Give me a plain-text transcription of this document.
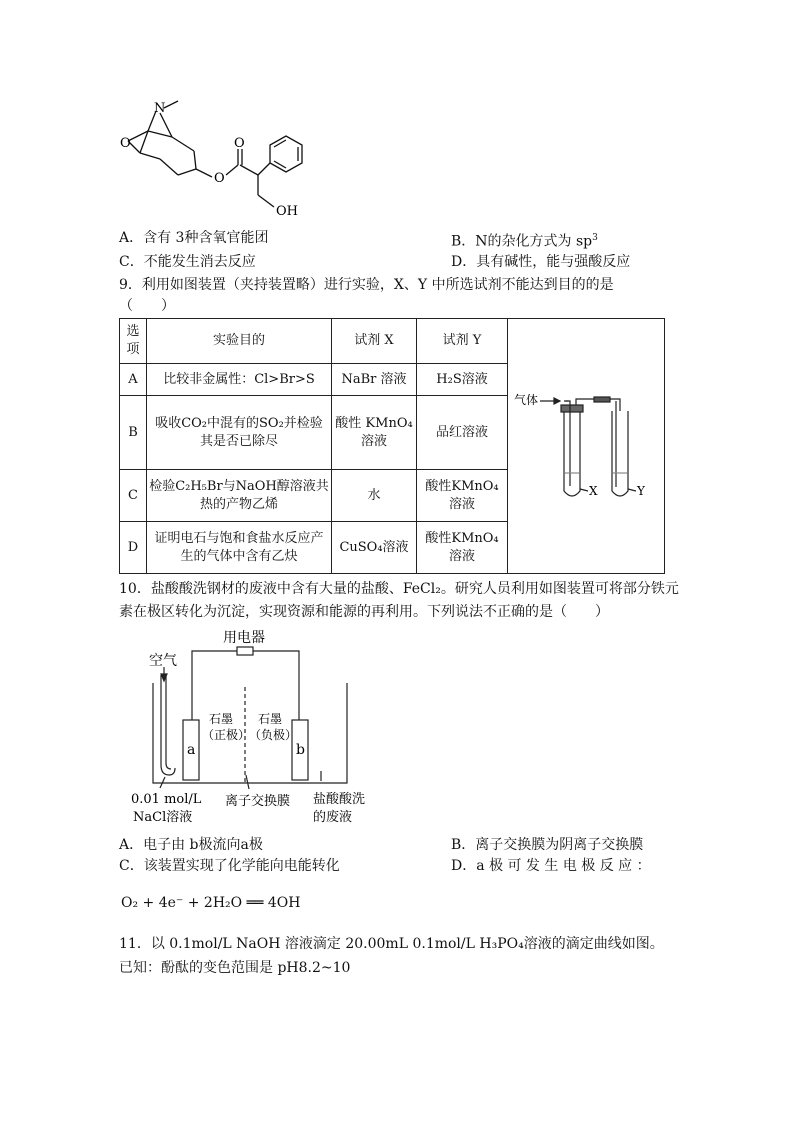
N
O
O
O
OH
A．含有 3种含氧官能团	B．N的杂化方式为 $sp^3$
C．不能发生消去反应	D．具有碱性，能与强酸反应
9．利用如图装置（夹持装置略）进行实验，X、Y 中所选试剂不能达到目的的是
（　　）
选项	实验目的	试剂 X	试剂 Y	气体
X Y

A	比较非金属性：Cl>Br>S	NaBr 溶液	H₂S溶液	
B	吸收CO₂中混有的SO₂并检验其是否已除尽	酸性 KMnO₄溶液	品红溶液	
C	检验C₂H₅Br与NaOH醇溶液共热的产物乙烯	水	酸性KMnO₄溶液	
D	证明电石与饱和食盐水反应产生的气体中含有乙炔	CuSO₄溶液	酸性KMnO₄溶液	
10．盐酸酸洗钢材的废液中含有大量的盐酸、FeCl₂。研究人员利用如图装置可将部分铁元
素在极区转化为沉淀，实现资源和能源的再利用。下列说法不正确的是（　　）
用电器
空气
石墨
（正极）
石墨
（负极）
a	b
0.01 mol/L
NaCl溶液
离子交换膜 盐酸酸洗
的废液
A．电子由 b极流向a极	B．离子交换膜为阴离子交换膜
C．该装置实现了化学能向电能转化	D．a 极 可 发 生 电 极 反 应 ：
O₂ + 4e⁻ + 2H₂O ══ 4OH
11．以 0.1mol/L NaOH 溶液滴定 20.00mL 0.1mol/L H₃PO₄溶液的滴定曲线如图。
已知：酚酞的变色范围是 pH8.2~10
